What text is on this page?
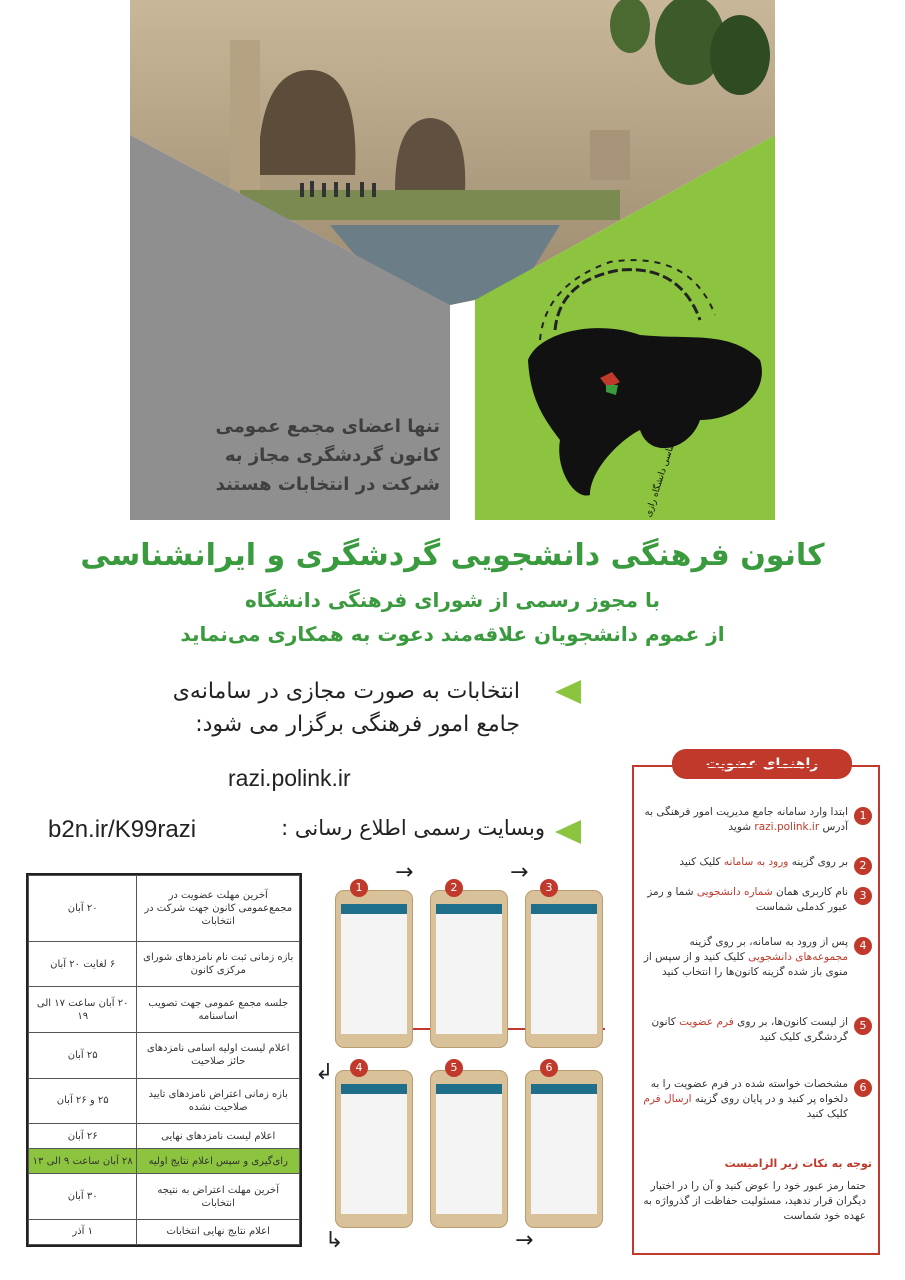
کانون گردشگری و ایران‌شناسی دانشگاه رازی
تنها اعضای مجمع عمومی
کانون گردشگری مجاز به
شرکت در انتخابات هستند
کانون فرهنگی دانشجویی گردشگری و ایرانشناسی
با مجوز رسمی از شورای فرهنگی دانشگاه
از عموم دانشجویان علاقه‌مند دعوت به همکاری می‌نماید
انتخابات به صورت مجازی در سامانه‌ی
جامع امور فرهنگی برگزار می شود:
razi.polink.ir
وبسایت رسمی اطلاع رسانی :
b2n.ir/K99razi
آخرین مهلت عضویت در مجمع‌عمومی کانون جهت شرکت در انتخابات	۲۰ آبان
بازه زمانی ثبت نام نامزدهای شورای مرکزی کانون	۶ لغایت ۲۰ آبان
جلسه مجمع عمومی جهت تصویب اساسنامه	۲۰ آبان ساعت ۱۷ الی ۱۹
اعلام لیست اولیه اسامی نامزدهای حائز صلاحیت	۲۵ آبان
بازه زمانی اعتراض نامزدهای تایید صلاحیت نشده	۲۵ و ۲۶ آبان
اعلام لیست نامزدهای نهایی	۲۶ آبان
رای‌گیری و سپس اعلام نتایج اولیه	۲۸ آبان ساعت ۹ الی ۱۳
آخرین مهلت اعتراض به نتیجه انتخابات	۳۰ آبان
اعلام نتایج نهایی انتخابات	۱ آذر
→	→
↲
↳	→
1	2	3
4	5	6
راهنمای عضویت
1
ابتدا وارد سامانه جامع مدیریت امور فرهنگی به آدرس razi.polink.ir شوید
2
بر روی گزینه ورود به سامانه کلیک کنید
3
نام کاربری همان شماره دانشجویی شما و رمز عبور کدملی شماست
4
پس از ورود به سامانه، بر روی گزینه مجموعه‌های دانشجویی کلیک کنید و از سپس از منوی باز شده گزینه کانون‌ها را انتخاب کنید
5
از لیست کانون‌ها، بر روی فرم عضویت کانون گردشگری کلیک کنید
6
مشخصات خواسته شده در فرم عضویت را به دلخواه پر کنید و در پایان روی گزینه ارسال فرم کلیک کنید
توجه به نکات زیر الزامیست
حتما رمز عبور خود را عوض کنید و آن را در اختیار دیگران قرار ندهید، مسئولیت حفاظت از گذرواژه به عهده خود شماست
